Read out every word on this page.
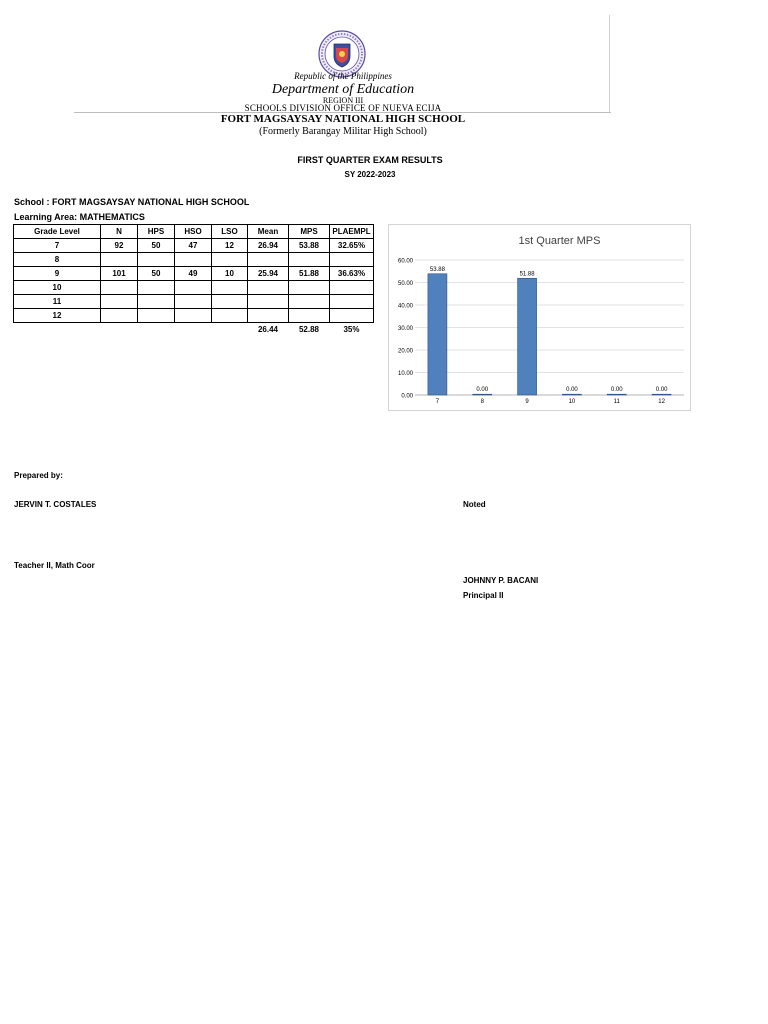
Republic of the Philippines
Department of Education
REGION III
SCHOOLS DIVISION OFFICE OF NUEVA ECIJA
FORT MAGSAYSAY NATIONAL HIGH SCHOOL
(Formerly Barangay Militar High School)
FIRST QUARTER EXAM RESULTS
SY 2022-2023
School : FORT MAGSAYSAY NATIONAL HIGH SCHOOL
Learning Area: MATHEMATICS
Grade Level	N	HPS	HSO	LSO	Mean	MPS	PLAEMPL
7	92	50	47	12	26.94	53.88	32.65%
8							
9	101	50	49	10	25.94	51.88	36.63%
10							
11							
12							
					26.44	52.88	35%
1st Quarter MPS
0.00
10.00
20.00
30.00
40.00
50.00
60.00
53.88
7
0.00
8
51.88
9
0.00
10
0.00
11
0.00
12
Prepared by:
JERVIN T. COSTALES
Teacher II, Math Coor
Noted
JOHNNY P. BACANI
Principal II
